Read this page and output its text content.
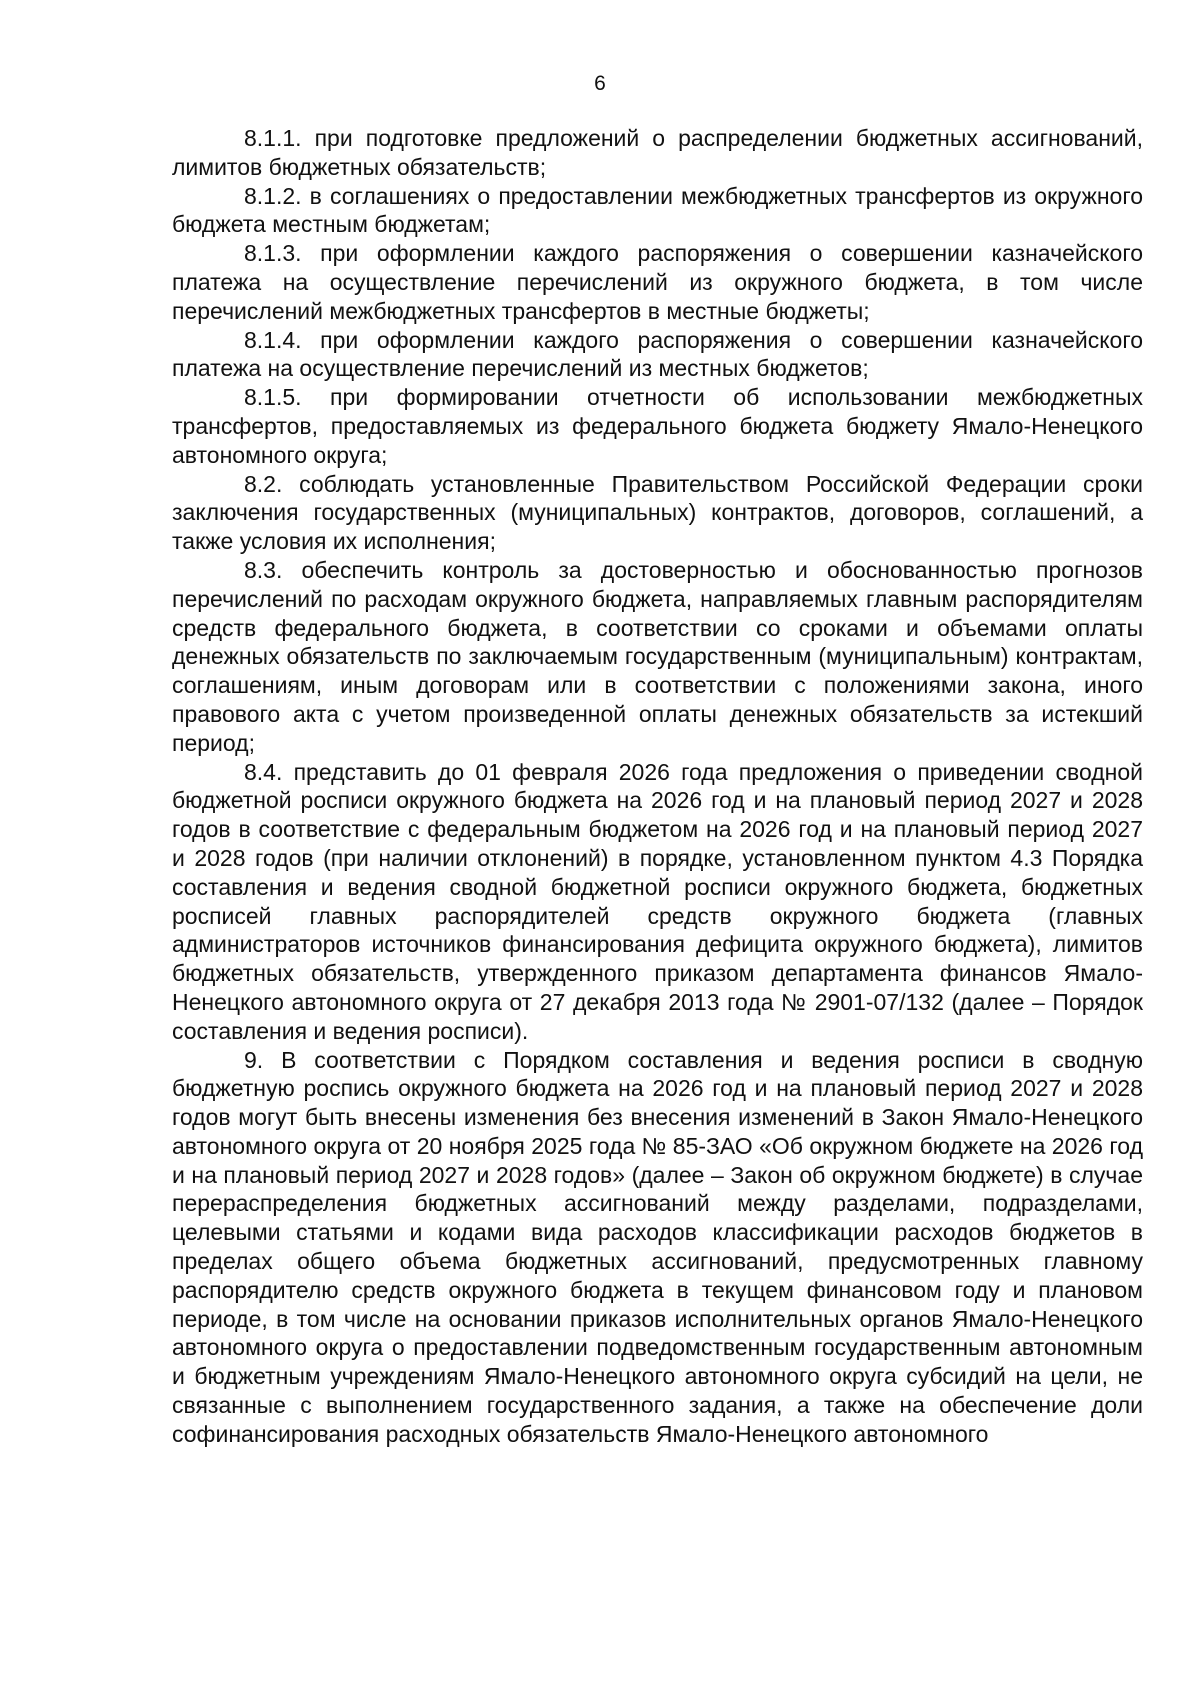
6

8.1.1. при подготовке предложений о распределении бюджетных ассигнований, лимитов бюджетных обязательств;

8.1.2. в соглашениях о предоставлении межбюджетных трансфертов из окружного бюджета местным бюджетам;

8.1.3. при оформлении каждого распоряжения о совершении казначейского платежа на осуществление перечислений из окружного бюджета, в том числе перечислений межбюджетных трансфертов в местные бюджеты;

8.1.4. при оформлении каждого распоряжения о совершении казначейского платежа на осуществление перечислений из местных бюджетов;

8.1.5. при формировании отчетности об использовании межбюджетных трансфертов, предоставляемых из федерального бюджета бюджету Ямало-Ненецкого автономного округа;

8.2. соблюдать установленные Правительством Российской Федерации сроки заключения государственных (муниципальных) контрактов, договоров, соглашений, а также условия их исполнения;

8.3. обеспечить контроль за достоверностью и обоснованностью прогнозов перечислений по расходам окружного бюджета, направляемых главным распорядителям средств федерального бюджета, в соответствии со сроками и объемами оплаты денежных обязательств по заключаемым государственным (муниципальным) контрактам, соглашениям, иным договорам или в соответствии с положениями закона, иного правового акта с учетом произведенной оплаты денежных обязательств за истекший период;

8.4. представить до 01 февраля 2026 года предложения о приведении сводной бюджетной росписи окружного бюджета на 2026 год и на плановый период 2027 и 2028 годов в соответствие с федеральным бюджетом на 2026 год и на плановый период 2027 и 2028 годов (при наличии отклонений) в порядке, установленном пунктом 4.3 Порядка составления и ведения сводной бюджетной росписи окружного бюджета, бюджетных росписей главных распорядителей средств окружного бюджета (главных администраторов источников финансирования дефицита окружного бюджета), лимитов бюджетных обязательств, утвержденного приказом департамента финансов Ямало-Ненецкого автономного округа от 27 декабря 2013 года № 2901-07/132 (далее – Порядок составления и ведения росписи).

9. В соответствии с Порядком составления и ведения росписи в сводную бюджетную роспись окружного бюджета на 2026 год и на плановый период 2027 и 2028 годов могут быть внесены изменения без внесения изменений в Закон Ямало-Ненецкого автономного округа от 20 ноября 2025 года № 85-ЗАО «Об окружном бюджете на 2026 год и на плановый период 2027 и 2028 годов» (далее – Закон об окружном бюджете) в случае перераспределения бюджетных ассигнований между разделами, подразделами, целевыми статьями и кодами вида расходов классификации расходов бюджетов в пределах общего объема бюджетных ассигнований, предусмотренных главному распорядителю средств окружного бюджета в текущем финансовом году и плановом периоде, в том числе на основании приказов исполнительных органов Ямало-Ненецкого автономного округа о предоставлении подведомственным государственным автономным и бюджетным учреждениям Ямало-Ненецкого автономного округа субсидий на цели, не связанные с выполнением государственного задания, а также на обеспечение доли софинансирования расходных обязательств Ямало-Ненецкого автономного
